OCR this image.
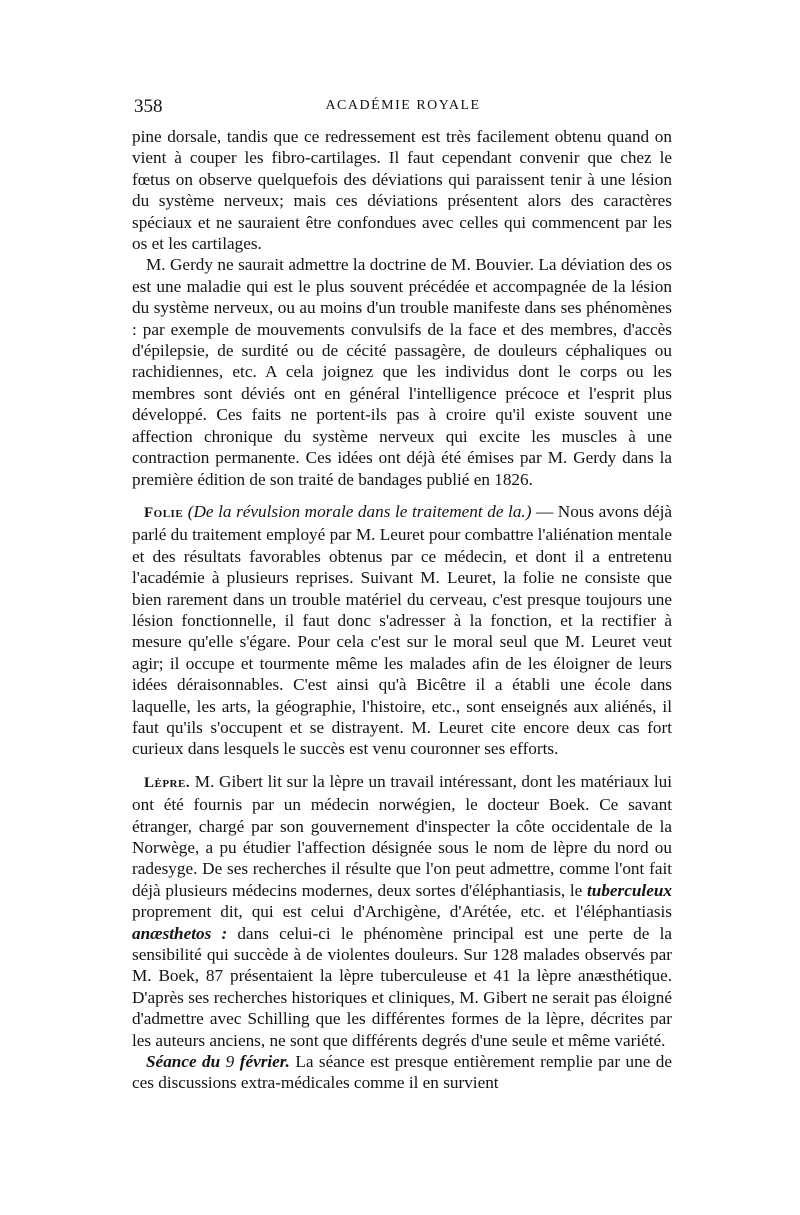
358	ACADÉMIE ROYALE

pine dorsale, tandis que ce redressement est très facilement obtenu quand on vient à couper les fibro-cartilages. Il faut cependant convenir que chez le fœtus on observe quelquefois des déviations qui paraissent tenir à une lésion du système nerveux; mais ces déviations présentent alors des caractères spéciaux et ne sauraient être confondues avec celles qui commencent par les os et les cartilages.

M. Gerdy ne saurait admettre la doctrine de M. Bouvier. La déviation des os est une maladie qui est le plus souvent précédée et accompagnée de la lésion du système nerveux, ou au moins d'un trouble manifeste dans ses phénomènes : par exemple de mouvements convulsifs de la face et des membres, d'accès d'épilepsie, de surdité ou de cécité passagère, de douleurs céphaliques ou rachidiennes, etc. A cela joignez que les individus dont le corps ou les membres sont déviés ont en général l'intelligence précoce et l'esprit plus développé. Ces faits ne portent-ils pas à croire qu'il existe souvent une affection chronique du système nerveux qui excite les muscles à une contraction permanente. Ces idées ont déjà été émises par M. Gerdy dans la première édition de son traité de bandages publié en 1826.

Folie (De la révulsion morale dans le traitement de la.) — Nous avons déjà parlé du traitement employé par M. Leuret pour combattre l'aliénation mentale et des résultats favorables obtenus par ce médecin, et dont il a entretenu l'académie à plusieurs reprises. Suivant M. Leuret, la folie ne consiste que bien rarement dans un trouble matériel du cerveau, c'est presque toujours une lésion fonctionnelle, il faut donc s'adresser à la fonction, et la rectifier à mesure qu'elle s'égare. Pour cela c'est sur le moral seul que M. Leuret veut agir; il occupe et tourmente même les malades afin de les éloigner de leurs idées déraisonnables. C'est ainsi qu'à Bicêtre il a établi une école dans laquelle, les arts, la géographie, l'histoire, etc., sont enseignés aux aliénés, il faut qu'ils s'occupent et se distrayent. M. Leuret cite encore deux cas fort curieux dans lesquels le succès est venu couronner ses efforts.

Lèpre. M. Gibert lit sur la lèpre un travail intéressant, dont les matériaux lui ont été fournis par un médecin norwégien, le docteur Boek. Ce savant étranger, chargé par son gouvernement d'inspecter la côte occidentale de la Norwège, a pu étudier l'affection désignée sous le nom de lèpre du nord ou radesyge. De ses recherches il résulte que l'on peut admettre, comme l'ont fait déjà plusieurs médecins modernes, deux sortes d'éléphantiasis, le tuberculeux proprement dit, qui est celui d'Archigène, d'Arétée, etc. et l'éléphantiasis anæsthetos : dans celui-ci le phénomène principal est une perte de la sensibilité qui succède à de violentes douleurs. Sur 128 malades observés par M. Boek, 87 présentaient la lèpre tuberculeuse et 41 la lèpre anæsthétique. D'après ses recherches historiques et cliniques, M. Gibert ne serait pas éloigné d'admettre avec Schilling que les différentes formes de la lèpre, décrites par les auteurs anciens, ne sont que différents degrés d'une seule et même variété.

Séance du 9 février. La séance est presque entièrement remplie par une de ces discussions extra-médicales comme il en survient
